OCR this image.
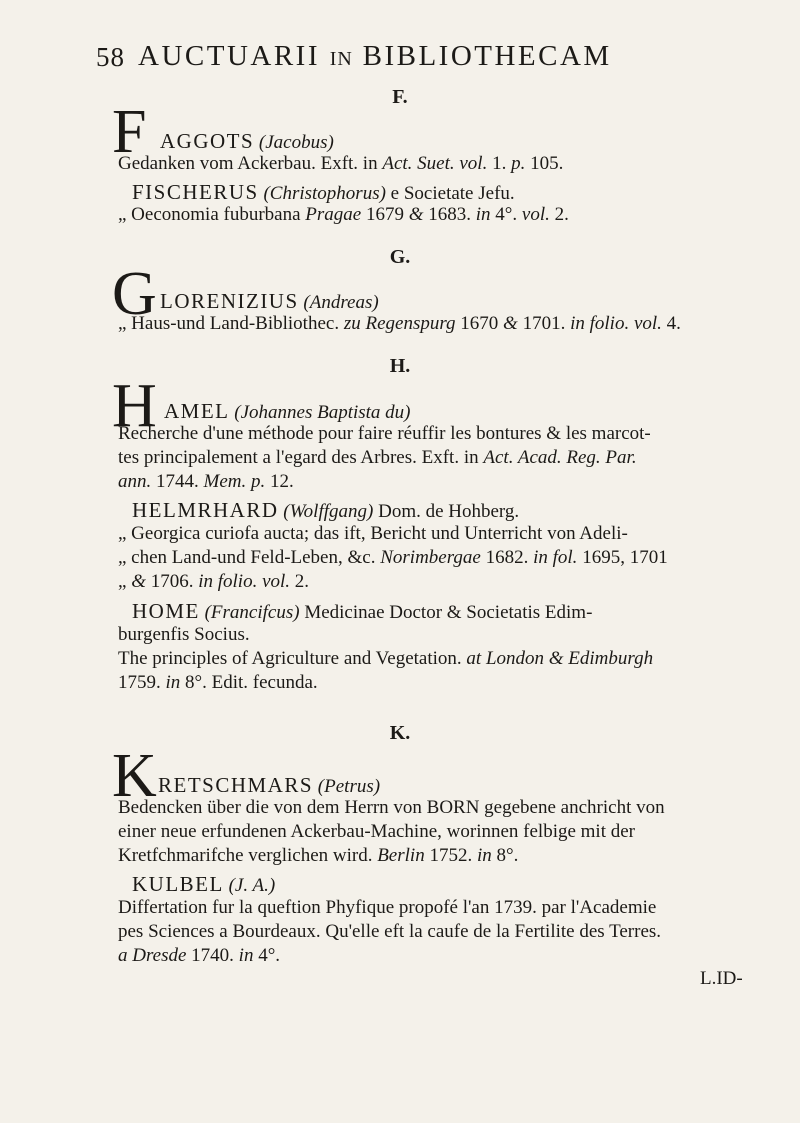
58 AUCTUARII IN BIBLIOTHECAM
F.
F AGGOTS (Jacobus)
Gedanken vom Ackerbau. Exft. in Act. Suet. vol. 1. p. 105.
FISCHERUS (Christophorus) e Societate Jefu.
„ Oeconomia fuburbana Pragae 1679 & 1683. in 4°. vol. 2.
G.
G LORENIZIUS (Andreas)
„ Haus-und Land-Bibliothec. zu Regenspurg 1670 & 1701. in folio. vol. 4.
H.
H AMEL (Johannes Baptista du)
Recherche d'une méthode pour faire réuffir les bontures & les marcot-
tes principalement a l'egard des Arbres. Exft. in Act. Acad. Reg. Par.
ann. 1744. Mem. p. 12.
HELMRHARD (Wolffgang) Dom. de Hohberg.
„ Georgica curiofa aucta; das ift, Bericht und Unterricht von Adeli-
„ chen Land-und Feld-Leben, &c. Norimbergae 1682. in fol. 1695, 1701
„ & 1706. in folio. vol. 2.
HOME (Francifcus) Medicinae Doctor & Societatis Edim-
burgenfis Socius.
The principles of Agriculture and Vegetation. at London & Edimburgh
1759. in 8°. Edit. fecunda.
K.
K RETSCHMARS (Petrus)
Bedencken über die von dem Herrn von BORN gegebene anchricht von
einer neue erfundenen Ackerbau-Machine, worinnen felbige mit der
Kretfchmarifche verglichen wird. Berlin 1752. in 8°.
KULBEL (J. A.)
Differtation fur la queftion Phyfique propofé l'an 1739. par l'Academie
pes Sciences a Bourdeaux. Qu'elle eft la caufe de la Fertilite des Terres.
a Dresde 1740. in 4°.
L.ID-
